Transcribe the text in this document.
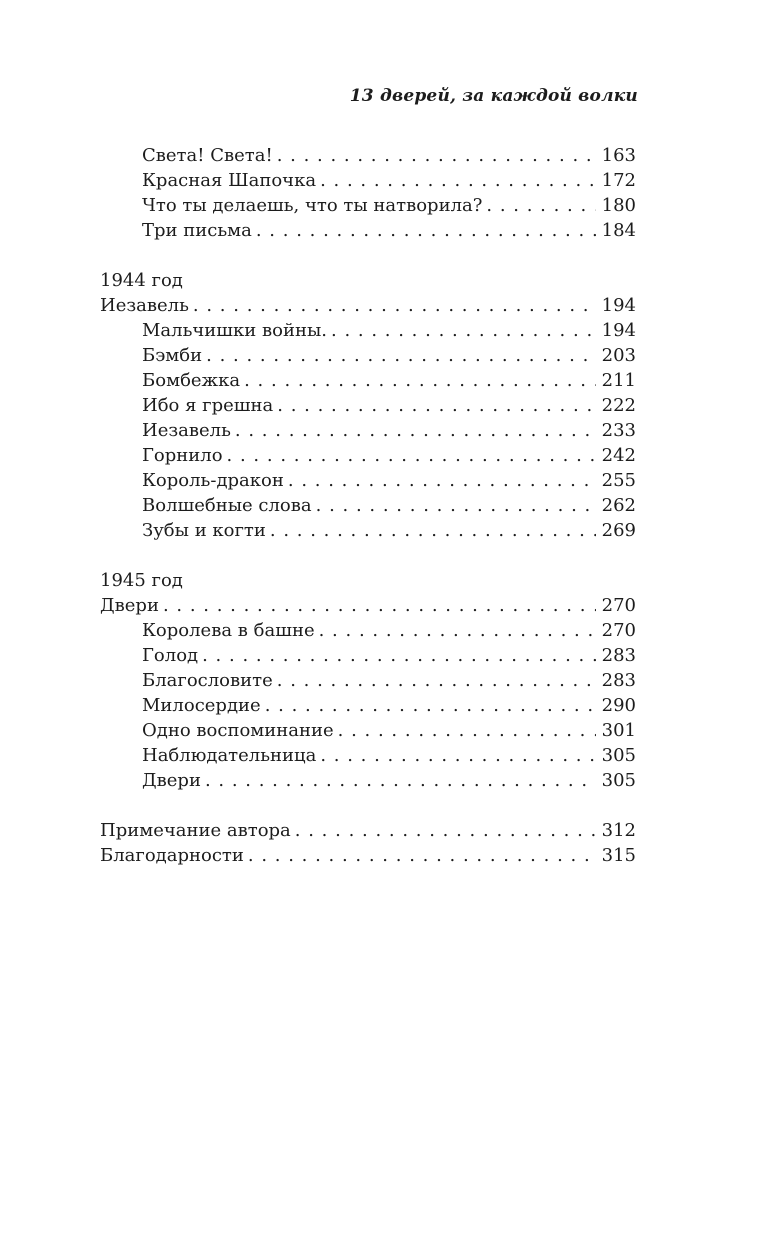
13 дверей, за каждой волки
Света! Света! . . .	163
Красная Шапочка . . .	172
Что ты делаешь, что ты натворила? . . .	180
Три письма . . .	184
1944 год
Иезавель . . .	194
Мальчишки войны. . . .	194
Бэмби . . .	203
Бомбежка . . .	211
Ибо я грешна . . .	222
Иезавель . . .	233
Горнило . . .	242
Король-дракон . . .	255
Волшебные слова . . .	262
Зубы и когти . . .	269
1945 год
Двери . . .	270
Королева в башне . . .	270
Голод . . .	283
Благословите . . .	283
Милосердие . . .	290
Одно воспоминание . . .	301
Наблюдательница . . .	305
Двери . . .	305
Примечание автора . . .	312
Благодарности . . .	315
